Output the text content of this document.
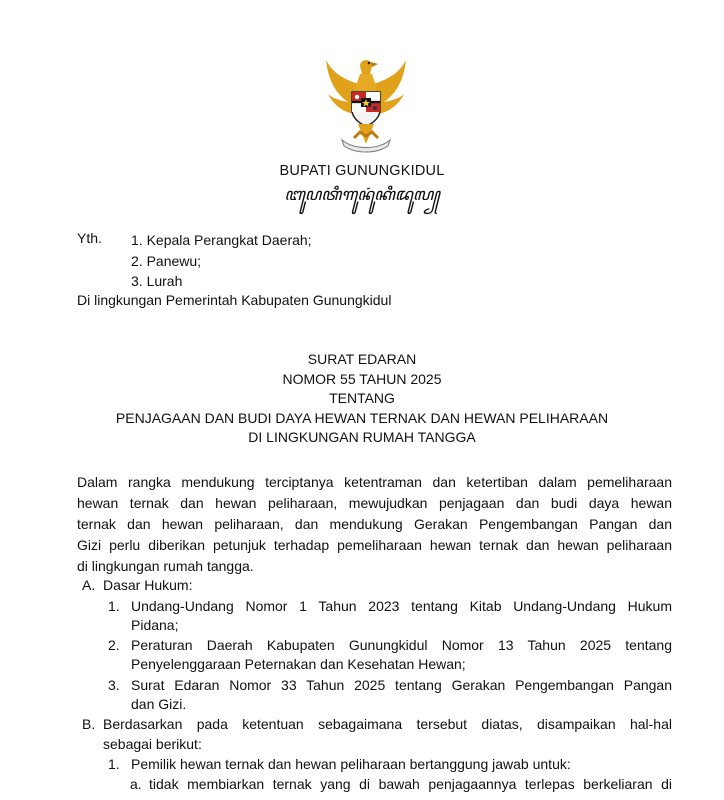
BUPATI GUNUNGKIDUL
ꦧꦸꦥꦠꦶꦒꦸꦤꦸꦁꦏꦶꦢꦸꦭ꧀
Yth. 1. Kepala Perangkat Daerah;
2. Panewu;
3. Lurah
Di lingkungan Pemerintah Kabupaten Gunungkidul
SURAT EDARAN
NOMOR 55 TAHUN 2025
TENTANG
PENJAGAAN DAN BUDI DAYA HEWAN TERNAK DAN HEWAN PELIHARAAN
DI LINGKUNGAN RUMAH TANGGA
Dalam rangka mendukung terciptanya ketentraman dan ketertiban dalam pemeliharaan
hewan ternak dan hewan peliharaan, mewujudkan penjagaan dan budi daya hewan
ternak dan hewan peliharaan, dan mendukung Gerakan Pengembangan Pangan dan
Gizi perlu diberikan petunjuk terhadap pemeliharaan hewan ternak dan hewan peliharaan
di lingkungan rumah tangga.
A. Dasar Hukum:
1. Undang-Undang Nomor 1 Tahun 2023 tentang Kitab Undang-Undang Hukum
Pidana;
2. Peraturan Daerah Kabupaten Gunungkidul Nomor 13 Tahun 2025 tentang
Penyelenggaraan Peternakan dan Kesehatan Hewan;
3. Surat Edaran Nomor 33 Tahun 2025 tentang Gerakan Pengembangan Pangan
dan Gizi.
B. Berdasarkan pada ketentuan sebagaimana tersebut diatas, disampaikan hal-hal
sebagai berikut:
1. Pemilik hewan ternak dan hewan peliharaan bertanggung jawab untuk:
a. tidak membiarkan ternak yang di bawah penjagaannya terlepas berkeliaran di
